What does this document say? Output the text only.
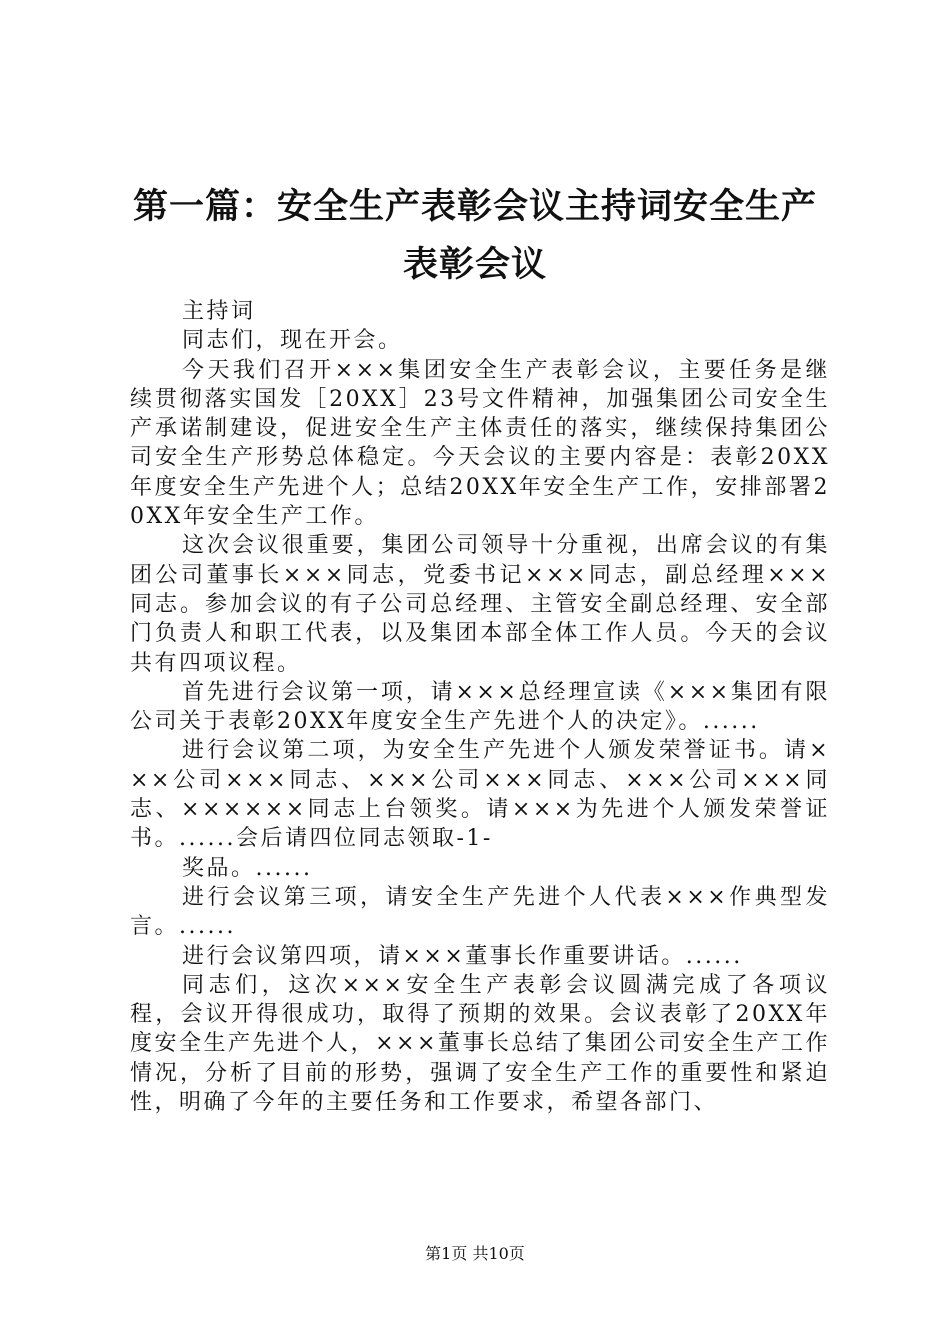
第一篇：安全生产表彰会议主持词安全生产表彰会议

主持词

同志们，现在开会。

今天我们召开×××集团安全生产表彰会议，主要任务是继续贯彻落实国发［20XX］23号文件精神，加强集团公司安全生产承诺制建设，促进安全生产主体责任的落实，继续保持集团公司安全生产形势总体稳定。今天会议的主要内容是：表彰20XX年度安全生产先进个人；总结20XX年安全生产工作，安排部署20XX年安全生产工作。

这次会议很重要，集团公司领导十分重视，出席会议的有集团公司董事长×××同志，党委书记×××同志，副总经理×××同志。参加会议的有子公司总经理、主管安全副总经理、安全部门负责人和职工代表，以及集团本部全体工作人员。今天的会议共有四项议程。

首先进行会议第一项，请×××总经理宣读《×××集团有限公司关于表彰20XX年度安全生产先进个人的决定》。......

进行会议第二项，为安全生产先进个人颁发荣誉证书。请×××公司×××同志、×××公司×××同志、×××公司×××同志、××××××同志上台领奖。请×××为先进个人颁发荣誉证书。......会后请四位同志领取-1-

奖品。......

进行会议第三项，请安全生产先进个人代表×××作典型发言。......

进行会议第四项，请×××董事长作重要讲话。......

同志们，这次×××安全生产表彰会议圆满完成了各项议程，会议开得很成功，取得了预期的效果。会议表彰了20XX年度安全生产先进个人，×××董事长总结了集团公司安全生产工作情况，分析了目前的形势，强调了安全生产工作的重要性和紧迫性，明确了今年的主要任务和工作要求，希望各部门、

第1页 共10页
